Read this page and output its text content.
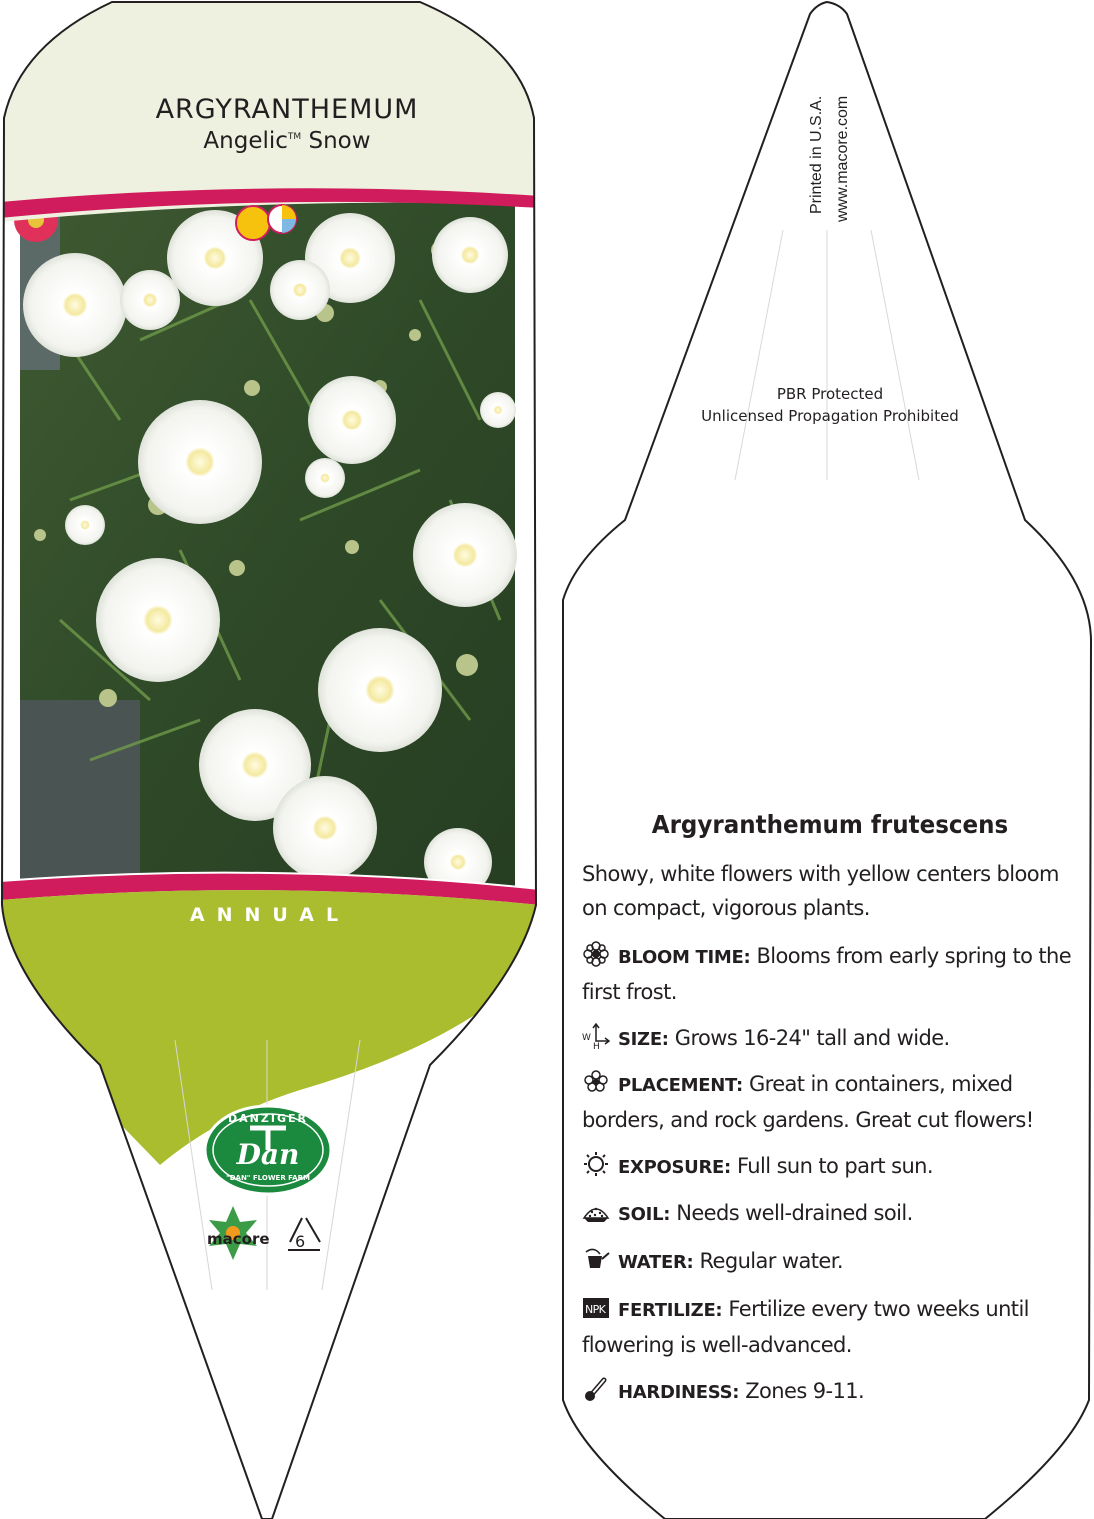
ARGYRANTHEMUM
Angelic™ Snow
ANNUAL
DANZIGER
Dan
"DAN" FLOWER FARM
macore 6
Printed in U.S.A. www.macore.com
PBR Protected
Unlicensed Propagation Prohibited
Argyranthemum frutescens
Showy, white flowers with yellow centers bloom on compact, vigorous plants.
BLOOM TIME: Blooms from early spring to the first frost.
W
H SIZE: Grows 16-24" tall and wide.
PLACEMENT: Great in containers, mixed borders, and rock gardens. Great cut flowers!
EXPOSURE: Full sun to part sun.
SOIL: Needs well-drained soil.
WATER: Regular water.
NPK FERTILIZE: Fertilize every two weeks until flowering is well-advanced.
HARDINESS: Zones 9-11.
